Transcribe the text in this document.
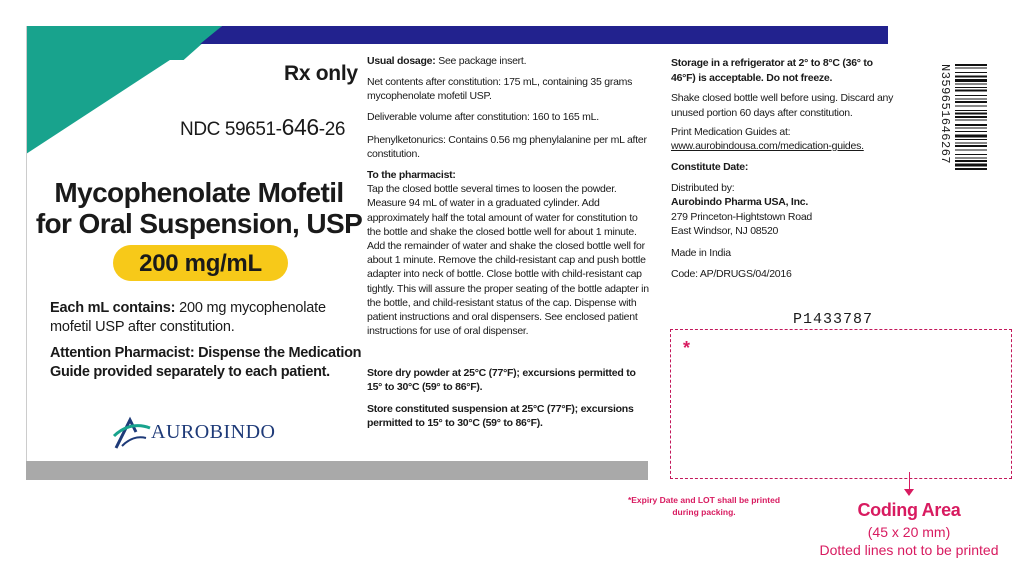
Rx only
NDC 59651-646-26
Mycophenolate Mofetil
for Oral Suspension, USP
200 mg/mL
Each mL contains: 200 mg mycophenolate mofetil USP after constitution.
Attention Pharmacist: Dispense the Medication Guide provided separately to each patient.
AUROBINDO
Usual dosage: See package insert.
Net contents after constitution: 175 mL, containing 35 grams mycophenolate mofetil USP.
Deliverable volume after constitution: 160 to 165 mL.
Phenylketonurics: Contains 0.56 mg phenylalanine per mL after constitution.
To the pharmacist:
Tap the closed bottle several times to loosen the powder. Measure 94 mL of water in a graduated cylinder. Add approximately half the total amount of water for constitution to the bottle and shake the closed bottle well for about 1 minute. Add the remainder of water and shake the closed bottle well for about 1 minute. Remove the child-resistant cap and push bottle adapter into neck of bottle. Close bottle with child-resistant cap tightly. This will assure the proper seating of the bottle adapter in the bottle, and child-resistant status of the cap. Dispense with patient instructions and oral dispensers. See enclosed patient instructions for use of oral dispenser.
Store dry powder at 25°C (77°F); excursions permitted to 15° to 30°C (59° to 86°F).
Store constituted suspension at 25°C (77°F); excursions permitted to 15° to 30°C (59° to 86°F).
Storage in a refrigerator at 2° to 8°C (36° to 46°F) is acceptable. Do not freeze.
Shake closed bottle well before using. Discard any unused portion 60 days after constitution.
Print Medication Guides at:
www.aurobindousa.com/medication-guides.
Constitute Date:
Distributed by:
Aurobindo Pharma USA, Inc.
279 Princeton-Hightstown Road
East Windsor, NJ 08520
Made in India
Code: AP/DRUGS/04/2016
P1433787
*
*Expiry Date and LOT shall be printed during packing.	Coding Area
(45 x 20 mm)
Dotted lines not to be printed
N359651646267
